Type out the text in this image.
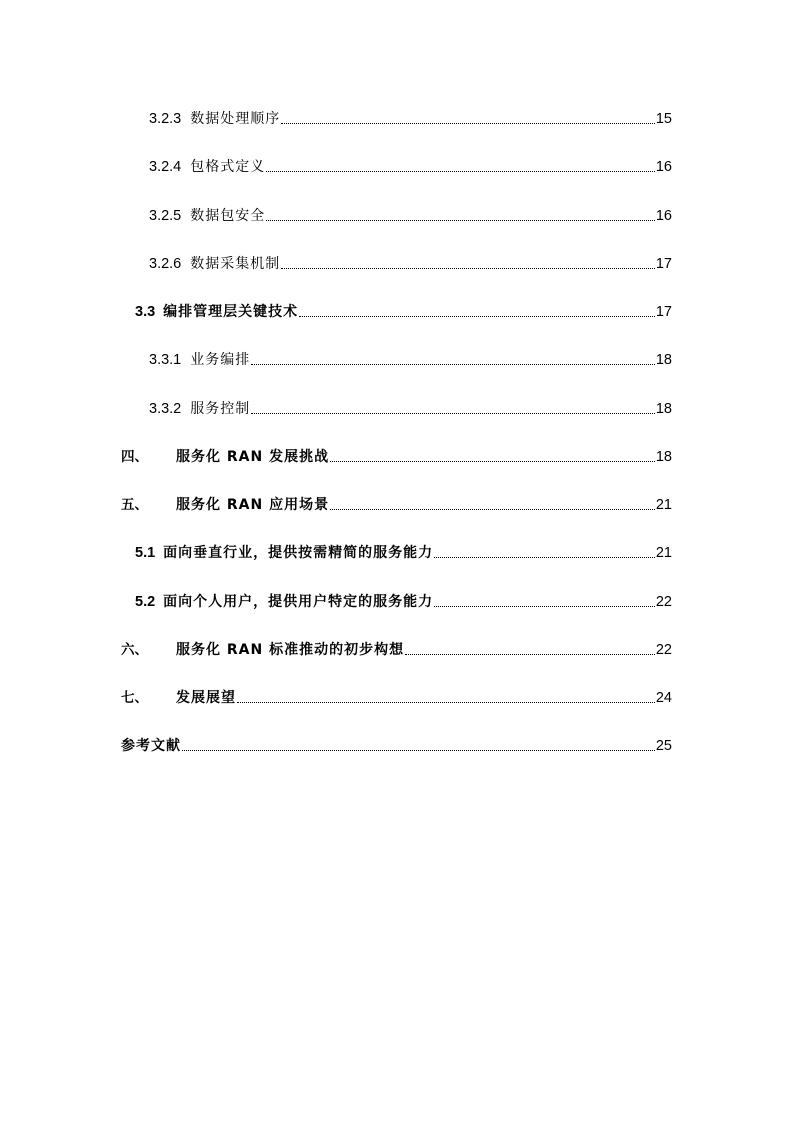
3.2.3 数据处理顺序	15
3.2.4 包格式定义	16
3.2.5 数据包安全	16
3.2.6 数据采集机制	17
3.3 编排管理层关键技术	17
3.3.1 业务编排	18
3.3.2 服务控制	18
四、	服务化 RAN 发展挑战	18
五、	服务化 RAN 应用场景	21
5.1 面向垂直行业，提供按需精简的服务能力	21
5.2 面向个人用户，提供用户特定的服务能力	22
六、	服务化 RAN 标准推动的初步构想	22
七、	发展展望	24
参考文献	25
